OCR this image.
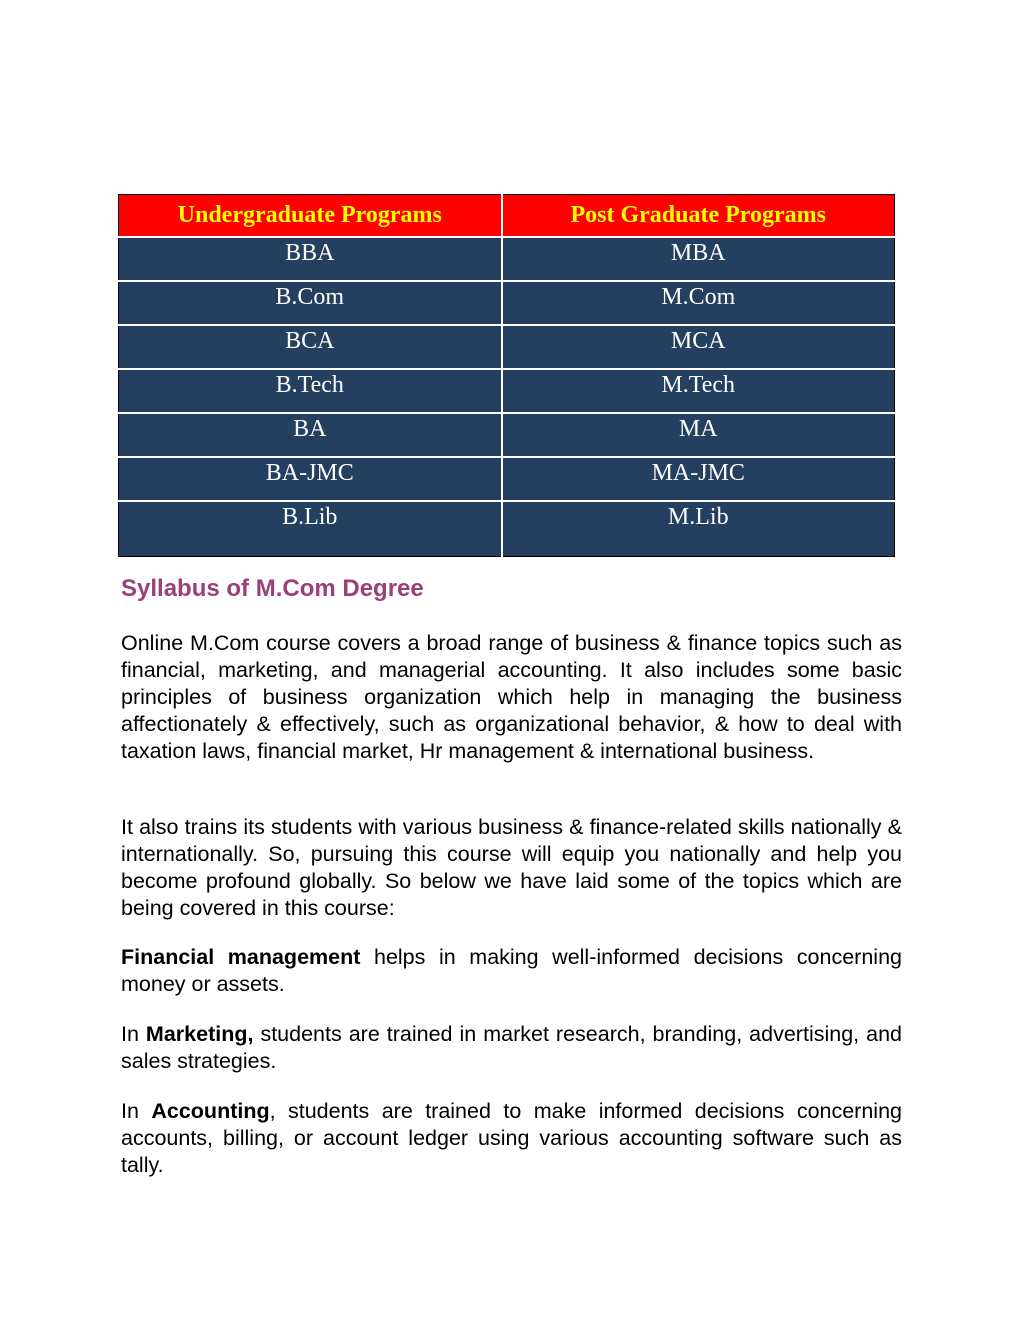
Undergraduate Programs	Post Graduate Programs
BBA	MBA
B.Com	M.Com
BCA	MCA
B.Tech	M.Tech
BA	MA
BA-JMC	MA-JMC
B.Lib	M.Lib
Syllabus of M.Com Degree

Online M.Com course covers a broad range of business & finance topics such as financial, marketing, and managerial accounting. It also includes some basic principles of business organization which help in managing the business affectionately & effectively, such as organizational behavior, & how to deal with taxation laws, financial market, Hr management & international business.

It also trains its students with various business & finance-related skills nationally & internationally. So, pursuing this course will equip you nationally and help you become profound globally. So below we have laid some of the topics which are being covered in this course:

Financial management helps in making well-informed decisions concerning money or assets.

In Marketing, students are trained in market research, branding, advertising, and sales strategies.

In Accounting, students are trained to make informed decisions concerning accounts, billing, or account ledger using various accounting software such as tally.
